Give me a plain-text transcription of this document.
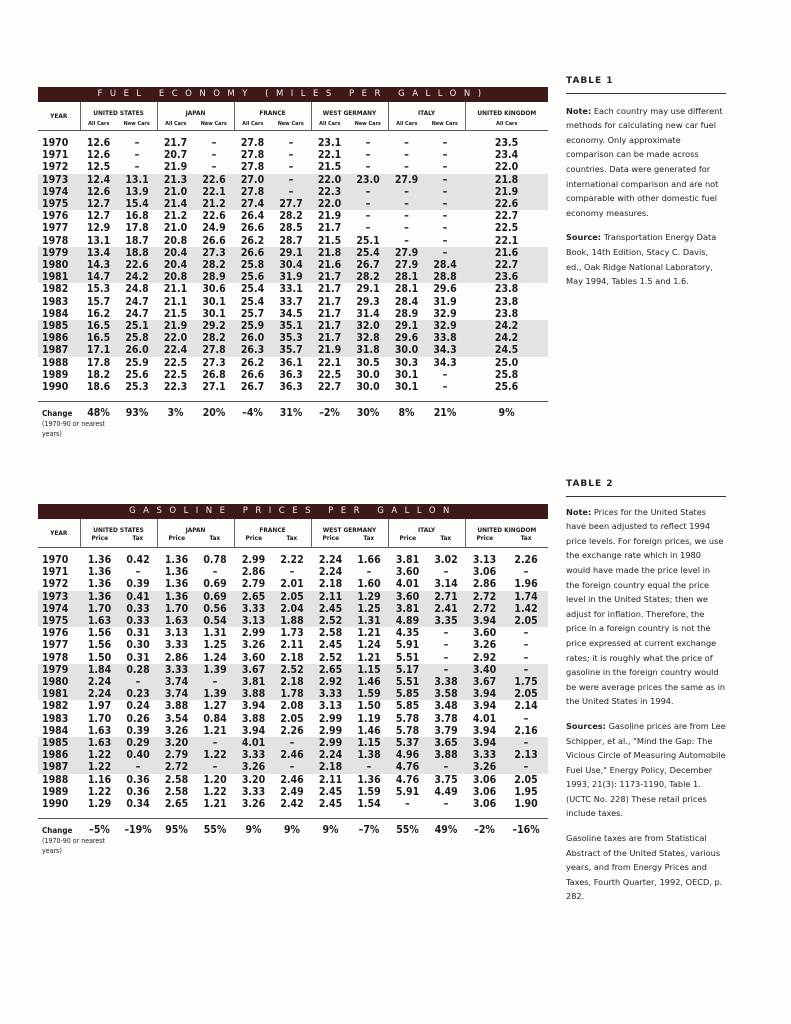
FUEL ECONOMY (MILES PER GALLON)
YEAR	UNITED STATES		JAPAN		FRANCE		WEST GERMANY		ITALY		UNITED KINGDOM
	All Cars	New Cars	All Cars	New Cars	All Cars	New Cars	All Cars	New Cars	All Cars	New Cars	All Cars

1970	12.6	–	21.7	–	27.8	–	23.1	–	–	–	23.5
1971	12.6	–	20.7	–	27.8	–	22.1	–	–	–	23.4
1972	12.5	–	21.9	–	27.8	–	21.5	–	–	–	22.0
1973	12.4	13.1	21.3	22.6	27.0	–	22.0	23.0	27.9	–	21.8
1974	12.6	13.9	21.0	22.1	27.8	–	22.3	–	–	–	21.9
1975	12.7	15.4	21.4	21.2	27.4	27.7	22.0	–	–	–	22.6
1976	12.7	16.8	21.2	22.6	26.4	28.2	21.9	–	–	–	22.7
1977	12.9	17.8	21.0	24.9	26.6	28.5	21.7	–	–	–	22.5
1978	13.1	18.7	20.8	26.6	26.2	28.7	21.5	25.1	–	–	22.1
1979	13.4	18.8	20.4	27.3	26.6	29.1	21.8	25.4	27.9	–	21.6
1980	14.3	22.6	20.4	28.2	25.8	30.4	21.6	26.7	27.9	28.4	22.7
1981	14.7	24.2	20.8	28.9	25.6	31.9	21.7	28.2	28.1	28.8	23.6
1982	15.3	24.8	21.1	30.6	25.4	33.1	21.7	29.1	28.1	29.6	23.8
1983	15.7	24.7	21.1	30.1	25.4	33.7	21.7	29.3	28.4	31.9	23.8
1984	16.2	24.7	21.5	30.1	25.7	34.5	21.7	31.4	28.9	32.9	23.8
1985	16.5	25.1	21.9	29.2	25.9	35.1	21.7	32.0	29.1	32.9	24.2
1986	16.5	25.8	22.0	28.2	26.0	35.3	21.7	32.8	29.6	33.8	24.2
1987	17.1	26.0	22.4	27.8	26.3	35.7	21.9	31.8	30.0	34.3	24.5
1988	17.8	25.9	22.5	27.3	26.2	36.1	22.1	30.5	30.3	34.3	25.0
1989	18.2	25.6	22.5	26.8	26.6	36.3	22.5	30.0	30.1	–	25.8
1990	18.6	25.3	22.3	27.1	26.7	36.3	22.7	30.0	30.1	–	25.6

Change	48%	93%	3%	20%	–4%	31%	–2%	30%	8%	21%	9%

(1970-90 or nearest years)											
GASOLINE PRICES PER GALLON
YEAR	UNITED STATES		JAPAN		FRANCE		WEST GERMANY		ITALY		UNITED KINGDOM	
	Price	Tax	Price	Tax	Price	Tax	Price	Tax	Price	Tax	Price	Tax

1970	1.36	0.42	1.36	0.78	2.99	2.22	2.24	1.66	3.81	3.02	3.13	2.26
1971	1.36	–	1.36	–	2.86	–	2.24	–	3.60	–	3.06	–
1972	1.36	0.39	1.36	0.69	2.79	2.01	2.18	1.60	4.01	3.14	2.86	1.96
1973	1.36	0.41	1.36	0.69	2.65	2.05	2.11	1.29	3.60	2.71	2.72	1.74
1974	1.70	0.33	1.70	0.56	3.33	2.04	2.45	1.25	3.81	2.41	2.72	1.42
1975	1.63	0.33	1.63	0.54	3.13	1.88	2.52	1.31	4.89	3.35	3.94	2.05
1976	1.56	0.31	3.13	1.31	2.99	1.73	2.58	1.21	4.35	–	3.60	–
1977	1.56	0.30	3.33	1.25	3.26	2.11	2.45	1.24	5.91	–	3.26	–
1978	1.50	0.31	2.86	1.24	3.60	2.18	2.52	1.21	5.51	–	2.92	–
1979	1.84	0.28	3.33	1.39	3.67	2.52	2.65	1.15	5.17	–	3.40	–
1980	2.24	–	3.74	–	3.81	2.18	2.92	1.46	5.51	3.38	3.67	1.75
1981	2.24	0.23	3.74	1.39	3.88	1.78	3.33	1.59	5.85	3.58	3.94	2.05
1982	1.97	0.24	3.88	1.27	3.94	2.08	3.13	1.50	5.85	3.48	3.94	2.14
1983	1.70	0.26	3.54	0.84	3.88	2.05	2.99	1.19	5.78	3.78	4.01	–
1984	1.63	0.39	3.26	1.21	3.94	2.26	2.99	1.46	5.78	3.79	3.94	2.16
1985	1.63	0.29	3.20	–	4.01	–	2.99	1.15	5.37	3.65	3.94	–
1986	1.22	0.40	2.79	1.22	3.33	2.46	2.24	1.38	4.96	3.88	3.33	2.13
1987	1.22	–	2.72	–	3.26	–	2.18	–	4.76	–	3.26	–
1988	1.16	0.36	2.58	1.20	3.20	2.46	2.11	1.36	4.76	3.75	3.06	2.05
1989	1.22	0.36	2.58	1.22	3.33	2.49	2.45	1.59	5.91	4.49	3.06	1.95
1990	1.29	0.34	2.65	1.21	3.26	2.42	2.45	1.54	–	–	3.06	1.90

Change	–5%	–19%	95%	55%	9%	9%	9%	–7%	55%	49%	–2%	–16%

(1970-90 or nearest years)												
TABLE 1

Note: Each country may use different methods for calculating new car fuel economy. Only approximate comparison can be made across countries. Data were generated for international comparison and are not comparable with other domestic fuel economy measures.

Source: Transportation Energy Data Book, 14th Edition, Stacy C. Davis, ed., Oak Ridge National Laboratory, May 1994, Tables 1.5 and 1.6.

TABLE 2

Note: Prices for the United States have been adjusted to reflect 1994 price levels. For foreign prices, we use the exchange rate which in 1980 would have made the price level in the foreign country equal the price level in the United States; then we adjust for inflation. Therefore, the price in a foreign country is not the price expressed at current exchange rates; it is roughly what the price of gasoline in the foreign country would be were average prices the same as in the United States in 1994.

Sources: Gasoline prices are from Lee Schipper, et al., "Mind the Gap: The Vicious Circle of Measuring Automobile Fuel Use," Energy Policy, December 1993, 21(3): 1173-1190, Table 1. (UCTC No. 228) These retail prices include taxes.

Gasoline taxes are from Statistical Abstract of the United States, various years, and from Energy Prices and Taxes, Fourth Quarter, 1992, OECD, p. 282.
